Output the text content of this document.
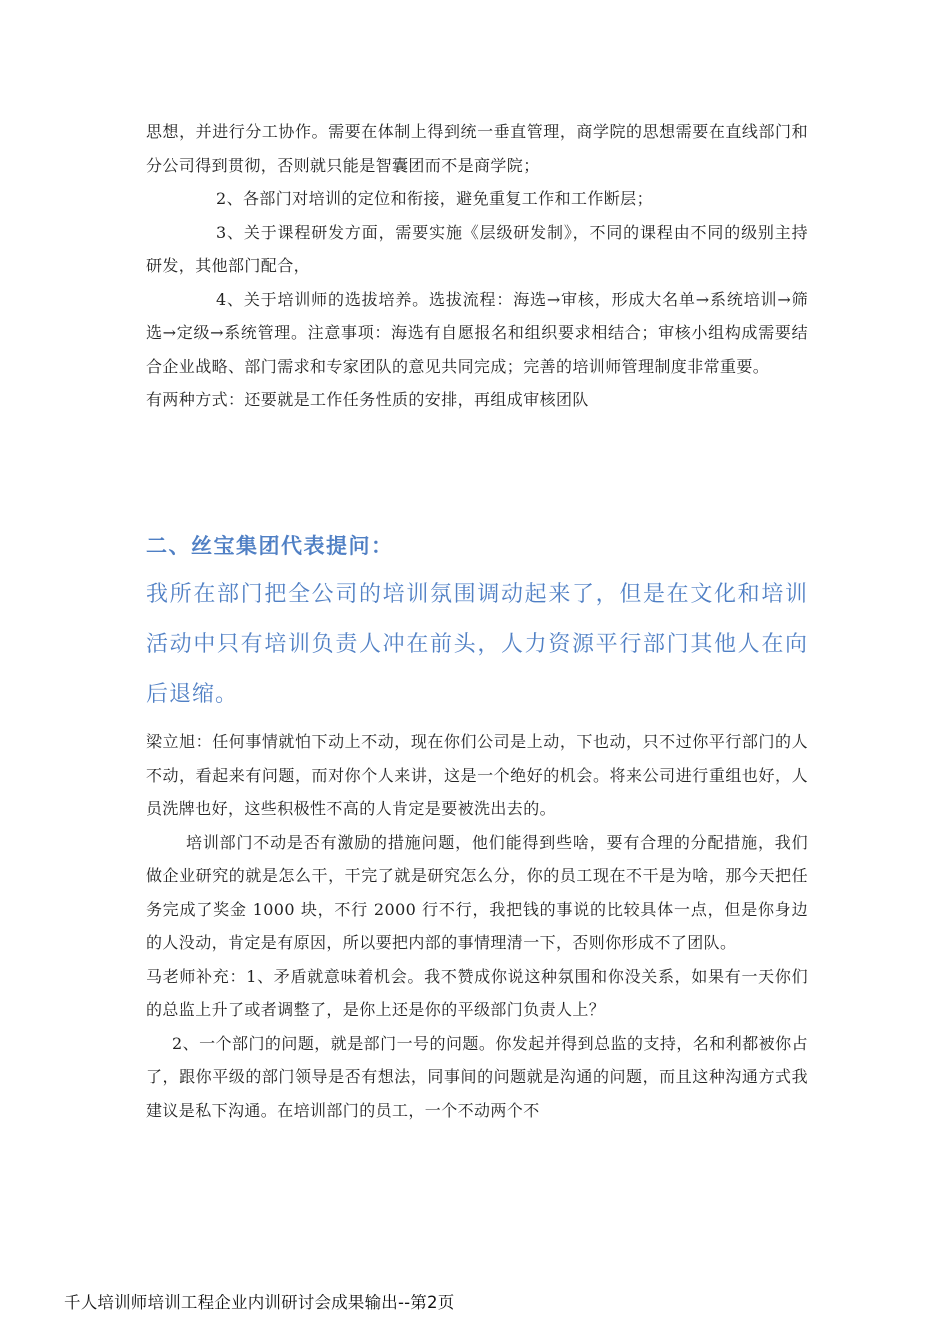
思想，并进行分工协作。需要在体制上得到统一垂直管理，商学院的思想需要在直线部门和分公司得到贯彻，否则就只能是智囊团而不是商学院；

2、各部门对培训的定位和衔接，避免重复工作和工作断层；

3、关于课程研发方面，需要实施《层级研发制》，不同的课程由不同的级别主持研发，其他部门配合，

4、关于培训师的选拔培养。选拔流程：海选→审核，形成大名单→系统培训→筛选→定级→系统管理。注意事项：海选有自愿报名和组织要求相结合；审核小组构成需要结合企业战略、部门需求和专家团队的意见共同完成；完善的培训师管理制度非常重要。

有两种方式：还要就是工作任务性质的安排，再组成审核团队

二、丝宝集团代表提问：

我所在部门把全公司的培训氛围调动起来了，但是在文化和培训活动中只有培训负责人冲在前头，人力资源平行部门其他人在向后退缩。

梁立旭：任何事情就怕下动上不动，现在你们公司是上动，下也动，只不过你平行部门的人不动，看起来有问题，而对你个人来讲，这是一个绝好的机会。将来公司进行重组也好，人员洗牌也好，这些积极性不高的人肯定是要被洗出去的。

培训部门不动是否有激励的措施问题，他们能得到些啥，要有合理的分配措施，我们做企业研究的就是怎么干，干完了就是研究怎么分，你的员工现在不干是为啥，那今天把任务完成了奖金 1000 块，不行 2000 行不行，我把钱的事说的比较具体一点，但是你身边的人没动，肯定是有原因，所以要把内部的事情理清一下，否则你形成不了团队。

马老师补充：1、矛盾就意味着机会。我不赞成你说这种氛围和你没关系，如果有一天你们的总监上升了或者调整了，是你上还是你的平级部门负责人上？

2、一个部门的问题，就是部门一号的问题。你发起并得到总监的支持，名和利都被你占了，跟你平级的部门领导是否有想法，同事间的问题就是沟通的问题，而且这种沟通方式我建议是私下沟通。在培训部门的员工，一个不动两个不

千人培训师培训工程企业内训研讨会成果输出--第2页
